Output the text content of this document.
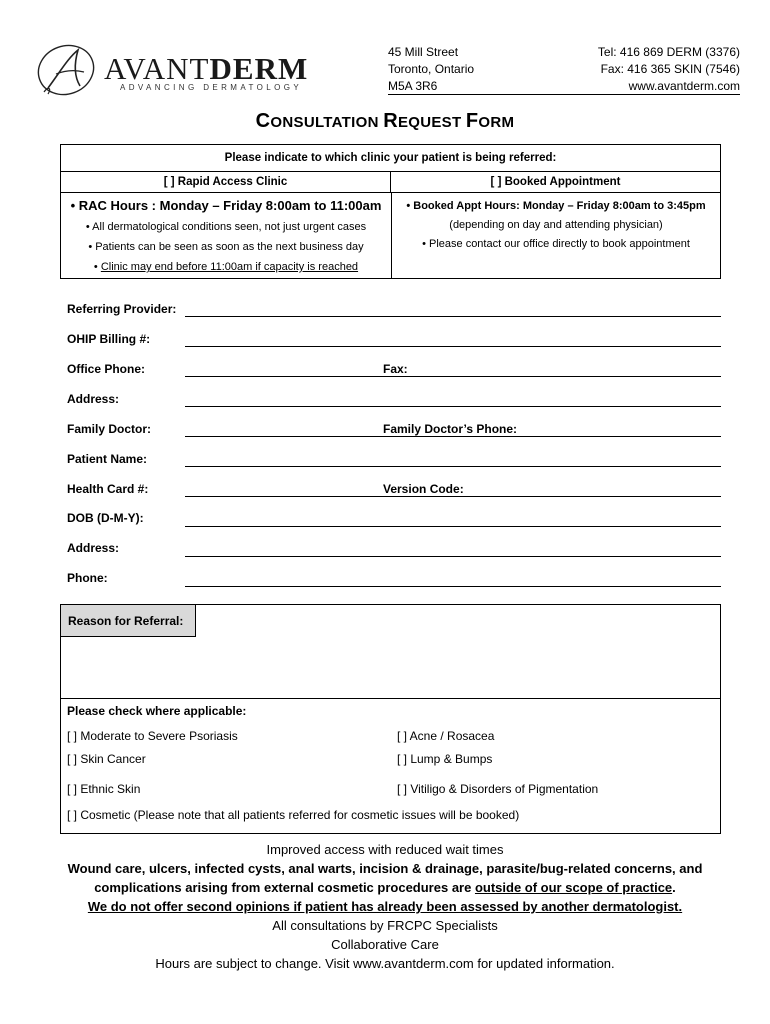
AVANTDERM
ADVANCING DERMATOLOGY
45 Mill Street
Toronto, Ontario
M5A 3R6
Tel: 416 869 DERM (3376)
Fax: 416 365 SKIN (7546)
www.avantderm.com
CONSULTATION REQUEST FORM
Please indicate to which clinic your patient is being referred:
[ ] Rapid Access Clinic	[ ] Booked Appointment
• RAC Hours : Monday – Friday 8:00am to 11:00am
• All dermatological conditions seen, not just urgent cases
• Patients can be seen as soon as the next business day
• Clinic may end before 11:00am if capacity is reached
• Booked Appt Hours: Monday – Friday 8:00am to 3:45pm
(depending on day and attending physician)
• Please contact our office directly to book appointment
Referring Provider:
OHIP Billing #:
Office Phone:	Fax:
Address:
Family Doctor:	Family Doctor’s Phone:
Patient Name:
Health Card #:	Version Code:
DOB (D-M-Y):
Address:
Phone:
Reason for Referral:
Please check where applicable:
[ ] Moderate to Severe Psoriasis	[ ] Acne / Rosacea
[ ] Skin Cancer	[ ] Lump & Bumps
[ ] Ethnic Skin	[ ] Vitiligo & Disorders of Pigmentation
[ ] Cosmetic (Please note that all patients referred for cosmetic issues will be booked)
Improved access with reduced wait times
Wound care, ulcers, infected cysts, anal warts, incision & drainage, parasite/bug-related concerns, and
complications arising from external cosmetic procedures are outside of our scope of practice.
We do not offer second opinions if patient has already been assessed by another dermatologist.
All consultations by FRCPC Specialists
Collaborative Care
Hours are subject to change. Visit www.avantderm.com for updated information.
